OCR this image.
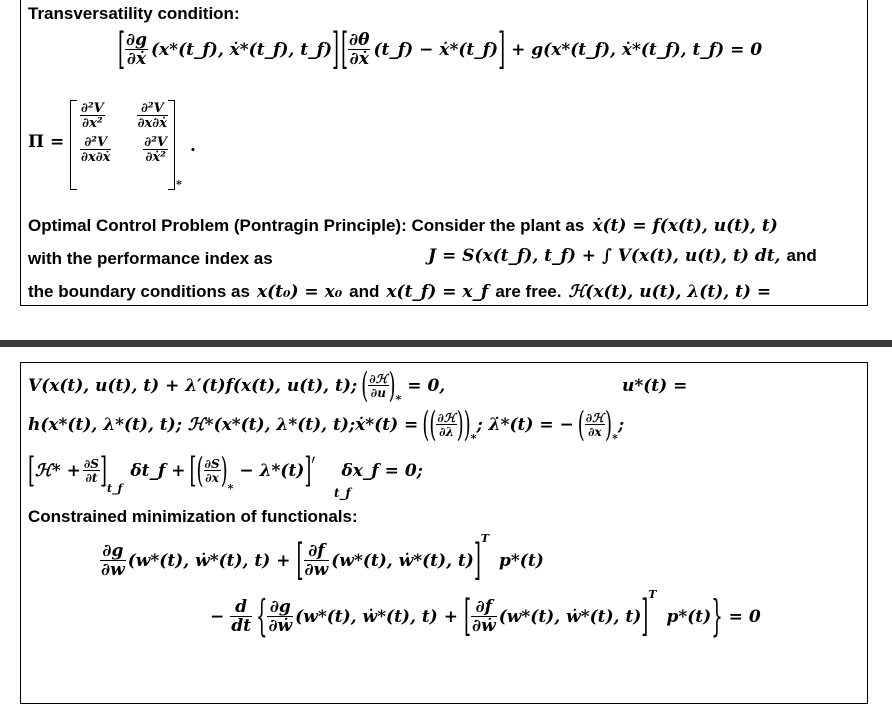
Transversatility condition:
[ $\frac{\partial g}{\text{∂ẋ}}$ (x*(t_f), ẋ*(t_f), t_f) ] [ $\frac{\partial\theta}{\text{∂ẋ}}$ (t_f) − ẋ*(t_f) ] + g(x*(t_f), ẋ*(t_f), t_f) = 0
Π =
$\frac{\text{∂²V}}{\text{∂x²}} \frac{\text{∂²V}}{\text{∂x∂ẋ}}$
$\frac{\text{∂²V}}{\text{∂x∂ẋ}} \frac{\text{∂²V}}{\text{∂ẋ²}}$
*
.
Optimal Control Problem (Pontragin Principle): Consider the plant as ẋ(t) = f(x(t), u(t), t)
with the performance index as	J = S(x(t_f), t_f) + ∫ V(x(t), u(t), t) dt, and
the boundary conditions as x(t₀) = x₀ and x(t_f) = x_f are free. ℋ(x(t), u(t), λ(t), t) =
V(x(t), u(t), t) + λ′(t)f(x(t), u(t), t); ( $\frac{\text{∂ℋ}}{\partial u} )_*$
= 0,	u*(t) =
h(x*(t), λ*(t), t); ℋ*(x*(t), λ*(t), t);ẋ*(t) = (( $\frac{\text{∂ℋ}}{\partial\lambda} ))_*$
; λ̇*(t) = − ( $\frac{\text{∂ℋ}}{\partial x} )_*$
;
[ ℋ* + $\frac{\partial S}{\partial t} ]_{t\_f}$
δt_f + [( $\frac{\partial S}{\partial x} )_*$
− λ*(t) ]′ δx_f = 0;
t_f
Constrained minimization of functionals:
$\frac{\partial g}{\partial w} (w*(t)$, ẇ*(t), t) + [ $\frac{\partial f}{\partial w} (w*(t)$, ẇ*(t), t) ]$^T$
p*(t)
− $\frac{d}{dt}$ { $\frac{\partial g}{\text{∂ẇ}} (w*(t)$, ẇ*(t), t) + [ $\frac{\partial f}{\text{∂ẇ}} (w*(t)$, ẇ*(t), t) ]$^T$
p*(t) } = 0
